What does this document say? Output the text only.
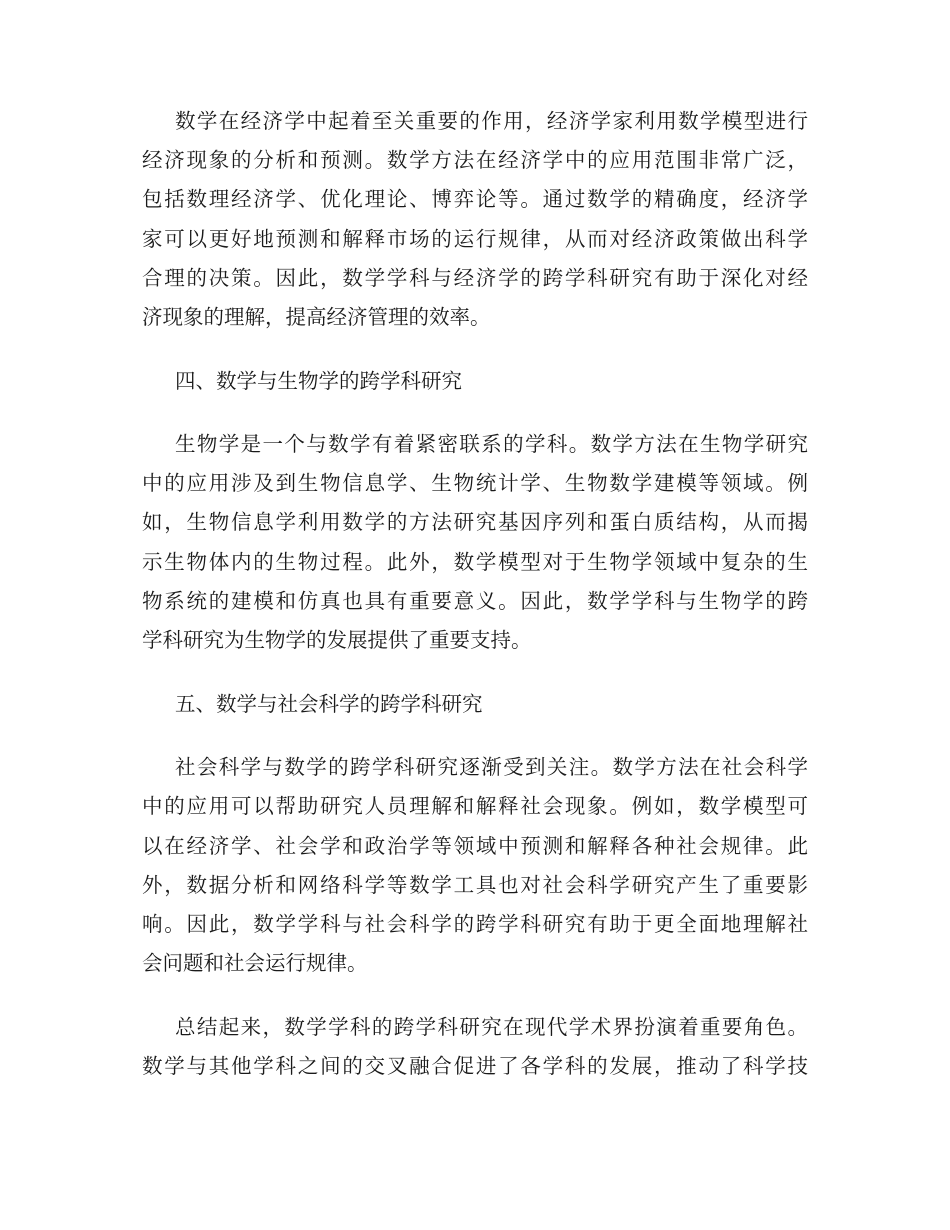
数学在经济学中起着至关重要的作用，经济学家利用数学模型进行
经济现象的分析和预测。数学方法在经济学中的应用范围非常广泛，
包括数理经济学、优化理论、博弈论等。通过数学的精确度，经济学
家可以更好地预测和解释市场的运行规律，从而对经济政策做出科学
合理的决策。因此，数学学科与经济学的跨学科研究有助于深化对经
济现象的理解，提高经济管理的效率。
四、数学与生物学的跨学科研究
生物学是一个与数学有着紧密联系的学科。数学方法在生物学研究
中的应用涉及到生物信息学、生物统计学、生物数学建模等领域。例
如，生物信息学利用数学的方法研究基因序列和蛋白质结构，从而揭
示生物体内的生物过程。此外，数学模型对于生物学领域中复杂的生
物系统的建模和仿真也具有重要意义。因此，数学学科与生物学的跨
学科研究为生物学的发展提供了重要支持。
五、数学与社会科学的跨学科研究
社会科学与数学的跨学科研究逐渐受到关注。数学方法在社会科学
中的应用可以帮助研究人员理解和解释社会现象。例如，数学模型可
以在经济学、社会学和政治学等领域中预测和解释各种社会规律。此
外，数据分析和网络科学等数学工具也对社会科学研究产生了重要影
响。因此，数学学科与社会科学的跨学科研究有助于更全面地理解社
会问题和社会运行规律。
总结起来，数学学科的跨学科研究在现代学术界扮演着重要角色。
数学与其他学科之间的交叉融合促进了各学科的发展，推动了科学技
